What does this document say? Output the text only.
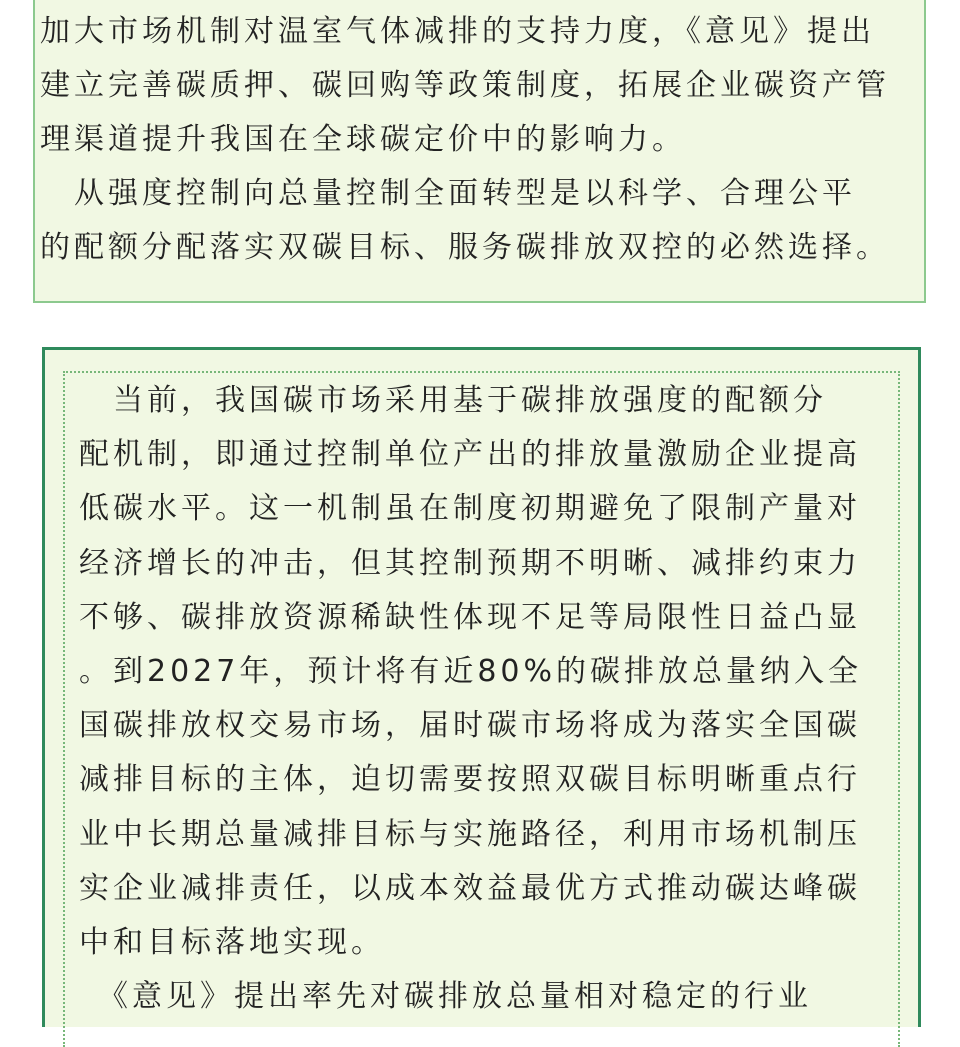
加大市场机制对温室气体减排的支持力度，《意见》提出
建立完善碳质押、碳回购等政策制度，拓展企业碳资产管
理渠道提升我国在全球碳定价中的影响力。
　从强度控制向总量控制全面转型是以科学、合理公平
的配额分配落实双碳目标、服务碳排放双控的必然选择。
　当前，我国碳市场采用基于碳排放强度的配额分
配机制，即通过控制单位产出的排放量激励企业提高
低碳水平。这一机制虽在制度初期避免了限制产量对
经济增长的冲击，但其控制预期不明晰、减排约束力
不够、碳排放资源稀缺性体现不足等局限性日益凸显
。到2027年，预计将有近80%的碳排放总量纳入全
国碳排放权交易市场，届时碳市场将成为落实全国碳
减排目标的主体，迫切需要按照双碳目标明晰重点行
业中长期总量减排目标与实施路径，利用市场机制压
实企业减排责任，以成本效益最优方式推动碳达峰碳
中和目标落地实现。
　《意见》提出率先对碳排放总量相对稳定的行业
